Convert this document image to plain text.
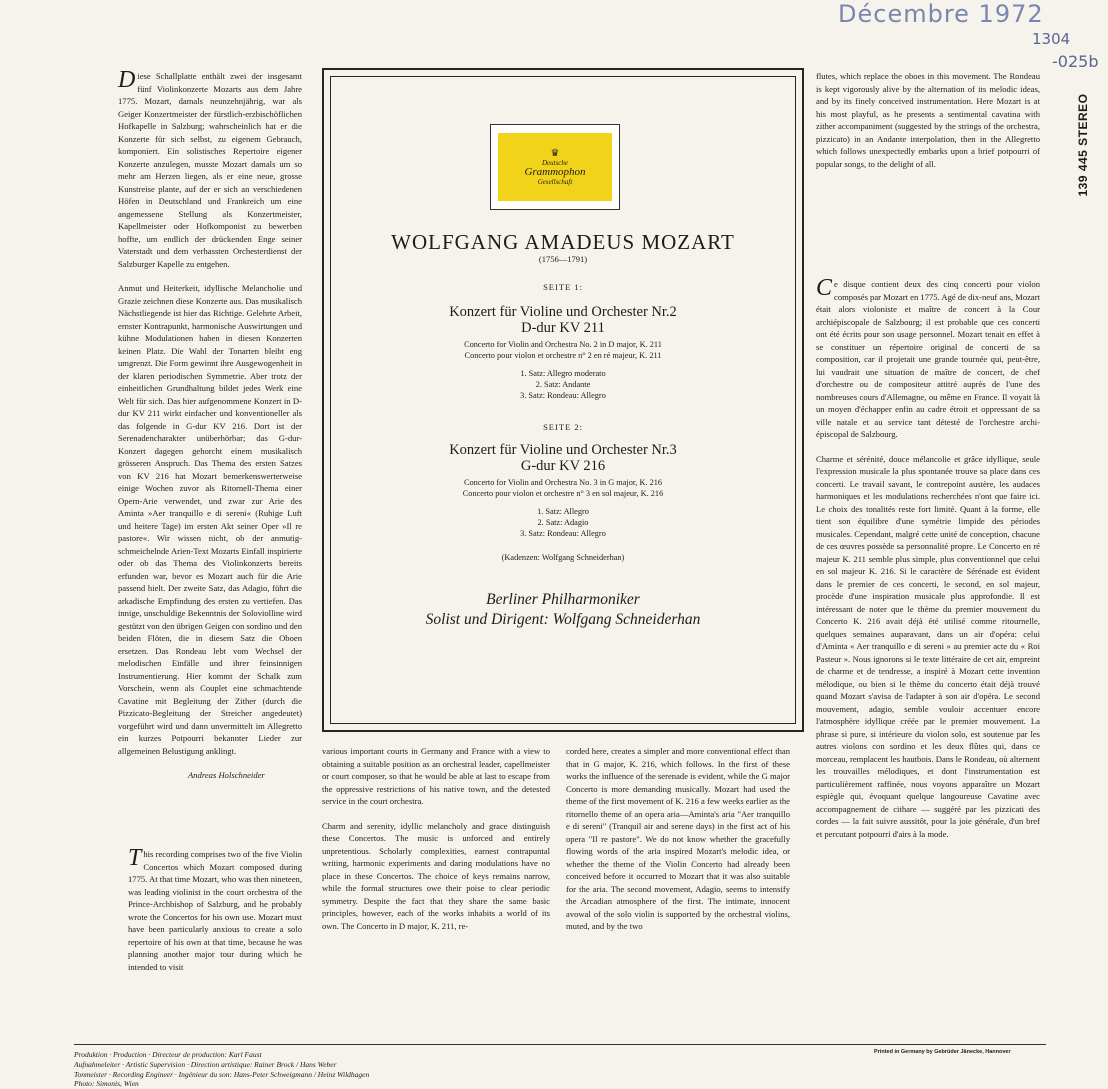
Décembre 1972
1304
-025b
139 445 STEREO

Diese Schallplatte enthält zwei der insgesamt fünf Violinkonzerte Mozarts aus dem Jahre 1775. Mozart, damals neunzehnjährig, war als Geiger Konzertmeister der fürstlich-erzbischöflichen Hofkapelle in Salzburg; wahrscheinlich hat er die Konzerte für sich selbst, zu eigenem Gebrauch, komponiert. Ein solistisches Repertoire eigener Konzerte anzulegen, musste Mozart damals um so mehr am Herzen liegen, als er eine neue, grosse Kunstreise plante, auf der er sich an verschiedenen Höfen in Deutschland und Frankreich um eine angemessene Stellung als Konzertmeister, Kapellmeister oder Hofkomponist zu bewerben hoffte, um endlich der drückenden Enge seiner Vaterstadt und dem verhassten Orchesterdienst der Salzburger Kapelle zu entgehen.

Anmut und Heiterkeit, idyllische Melancholie und Grazie zeichnen diese Konzerte aus. Das musikalisch Nächstliegende ist hier das Richtige. Gelehrte Arbeit, ernster Kontrapunkt, harmonische Auswirtungen und kühne Modulationen haben in diesen Konzerten keinen Platz. Die Wahl der Tonarten bleibt eng umgrenzt. Die Form gewinnt ihre Ausgewogenheit in der klaren periodischen Symmetrie. Aber trotz der einheitlichen Grundhaltung bildet jedes Werk eine Welt für sich. Das hier aufgenommene Konzert in D-dur KV 211 wirkt einfacher und konventioneller als das folgende in G-dur KV 216. Dort ist der Serenadencharakter unüberhörbar; das G-dur-Konzert dagegen gehorcht einem musikalisch grösseren Anspruch. Das Thema des ersten Satzes von KV 216 hat Mozart bemerkenswerterweise einige Wochen zuvor als Ritornell-Thema einer Opern-Arie verwendet, und zwar zur Arie des Aminta »Aer tranquillo e di sereni« (Ruhige Luft und heitere Tage) im ersten Akt seiner Oper »Il re pastore«. Wir wissen nicht, ob der anmutig-schmeichelnde Arien-Text Mozarts Einfall inspirierte oder ob das Thema des Violinkonzerts bereits erfunden war, bevor es Mozart auch für die Arie passend hielt. Der zweite Satz, das Adagio, führt die arkadische Empfindung des ersten zu vertiefen. Das innige, unschuldige Bekenntnis der Soloviolline wird gestützt von den übrigen Geigen con sordino und den beiden Flöten, die in diesem Satz die Oboen ersetzen. Das Rondeau lebt vom Wechsel der melodischen Einfälle und ihrer feinsinnigen Instrumentierung. Hier kommt der Schalk zum Vorschein, wenn als Couplet eine schmachtende Cavatine mit Begleitung der Zither (durch die Pizzicato-Begleitung der Streicher angedeutet) vorgeführt wird und dann unvermittelt im Allegretto ein kurzes Potpourri bekannter Lieder zur allgemeinen Belustigung anklingt.

Andreas Holschneider

This recording comprises two of the five Violin Concertos which Mozart composed during 1775. At that time Mozart, who was then nineteen, was leading violinist in the court orchestra of the Prince-Archbishop of Salzburg, and he probably wrote the Concertos for his own use. Mozart must have been particularly anxious to create a solo repertoire of his own at that time, because he was planning another major tour during which he intended to visit

♛
Deutsche
Grammophon
Gesellschaft
WOLFGANG AMADEUS MOZART
(1756—1791)
SEITE 1:
Konzert für Violine und Orchester Nr.2
D-dur KV 211
Concerto for Violin and Orchestra No. 2 in D major, K. 211
Concerto pour violon et orchestre n° 2 en ré majeur, K. 211
1. Satz: Allegro moderato
2. Satz: Andante
3. Satz: Rondeau: Allegro
SEITE 2:
Konzert für Violine und Orchester Nr.3
G-dur KV 216
Concerto for Violin and Orchestra No. 3 in G major, K. 216
Concerto pour violon et orchestre n° 3 en sol majeur, K. 216
1. Satz: Allegro
2. Satz: Adagio
3. Satz: Rondeau: Allegro
(Kadenzen: Wolfgang Schneiderhan)
Berliner Philharmoniker
Solist und Dirigent: Wolfgang Schneiderhan

various important courts in Germany and France with a view to obtaining a suitable position as an orchestral leader, capellmeister or court composer, so that he would be able at last to escape from the oppressive restrictions of his native town, and the detested service in the court orchestra.

Charm and serenity, idyllic melancholy and grace distinguish these Concertos. The music is unforced and entirely unpretentious. Scholarly complexities, earnest contrapuntal writing, harmonic experiments and daring modulations have no place in these Concertos. The choice of keys remains narrow, while the formal structures owe their poise to clear periodic symmetry. Despite the fact that they share the same basic principles, however, each of the works inhabits a world of its own. The Concerto in D major, K. 211, re-

corded here, creates a simpler and more conventional effect than that in G major, K. 216, which follows. In the first of these works the influence of the serenade is evident, while the G major Concerto is more demanding musically. Mozart had used the theme of the first movement of K. 216 a few weeks earlier as the ritornello theme of an opera aria—Aminta's aria "Aer tranquillo e di sereni" (Tranquil air and serene days) in the first act of his opera "Il re pastore". We do not know whether the gracefully flowing words of the aria inspired Mozart's melodic idea, or whether the theme of the Violin Concerto had already been conceived before it occurred to Mozart that it was also suitable for the aria. The second movement, Adagio, seems to intensify the Arcadian atmosphere of the first. The intimate, innocent avowal of the solo violin is supported by the orchestral violins, muted, and by the two

flutes, which replace the oboes in this movement. The Rondeau is kept vigorously alive by the alternation of its melodic ideas, and by its finely conceived instrumentation. Here Mozart is at his most playful, as he presents a sentimental cavatina with zither accompaniment (suggested by the strings of the orchestra, pizzicato) in an Andante interpolation, then in the Allegretto which follows unexpectedly embarks upon a brief potpourri of popular songs, to the delight of all.

Ce disque contient deux des cinq concerti pour violon composés par Mozart en 1775. Agé de dix-neuf ans, Mozart était alors violoniste et maître de concert à la Cour archiépiscopale de Salzbourg; il est probable que ces concerti ont été écrits pour son usage personnel. Mozart tenait en effet à se constituer un répertoire original de concerti de sa composition, car il projetait une grande tournée qui, peut-être, lui vaudrait une situation de maître de concert, de chef d'orchestre ou de compositeur attitré auprès de l'une des nombreuses cours d'Allemagne, ou même en France. Il voyait là un moyen d'échapper enfin au cadre étroit et oppressant de sa ville natale et au service tant détesté de l'orchestre archi-épiscopal de Salzbourg.

Charme et sérénité, douce mélancolie et grâce idyllique, seule l'expression musicale la plus spontanée trouve sa place dans ces concerti. Le travail savant, le contrepoint austère, les audaces harmoniques et les modulations recherchées n'ont que faire ici. Le choix des tonalités reste fort limité. Quant à la forme, elle tient son équilibre d'une symétrie limpide des périodes musicales. Cependant, malgré cette unité de conception, chacune de ces œuvres possède sa personnalité propre. Le Concerto en ré majeur K. 211 semble plus simple, plus conventionnel que celui en sol majeur K. 216. Si le caractère de Sérénade est évident dans le premier de ces concerti, le second, en sol majeur, procède d'une inspiration musicale plus approfondie. Il est intéressant de noter que le thème du premier mouvement du Concerto K. 216 avait déjà été utilisé comme ritournelle, quelques semaines auparavant, dans un air d'opéra: celui d'Aminta « Aer tranquillo e di sereni » au premier acte du « Roi Pasteur ». Nous ignorons si le texte littéraire de cet air, empreint de charme et de tendresse, a inspiré à Mozart cette invention mélodique, ou bien si le thème du concerto était déjà trouvé quand Mozart s'avisa de l'adapter à son air d'opéra. Le second mouvement, adagio, semble vouloir accentuer encore l'atmosphère idyllique créée par le premier mouvement. La phrase si pure, si intérieure du violon solo, est soutenue par les autres violons con sordino et les deux flûtes qui, dans ce morceau, remplacent les hautbois. Dans le Rondeau, où alternent les trouvailles mélodiques, et dont l'instrumentation est particulièrement raffinée, nous voyons apparaître un Mozart espiègle qui, évoquant quelque langoureuse Cavatine avec accompagnement de cithare — suggéré par les pizzicati des cordes — la fait suivre aussitôt, pour la joie générale, d'un bref et percutant potpourri d'airs à la mode.

Produktion · Production · Directeur de production: Karl Faust
Aufnahmeleiter · Artistic Supervision · Direction artistique: Rainer Brock / Hans Weber
Tonmeister · Recording Engineer · Ingénieur du son: Hans-Peter Schweigmann / Heinz Wildhagen
Photo: Simonis, Wien
Printed in Germany by Gebrüder Jänecke, Hannover
